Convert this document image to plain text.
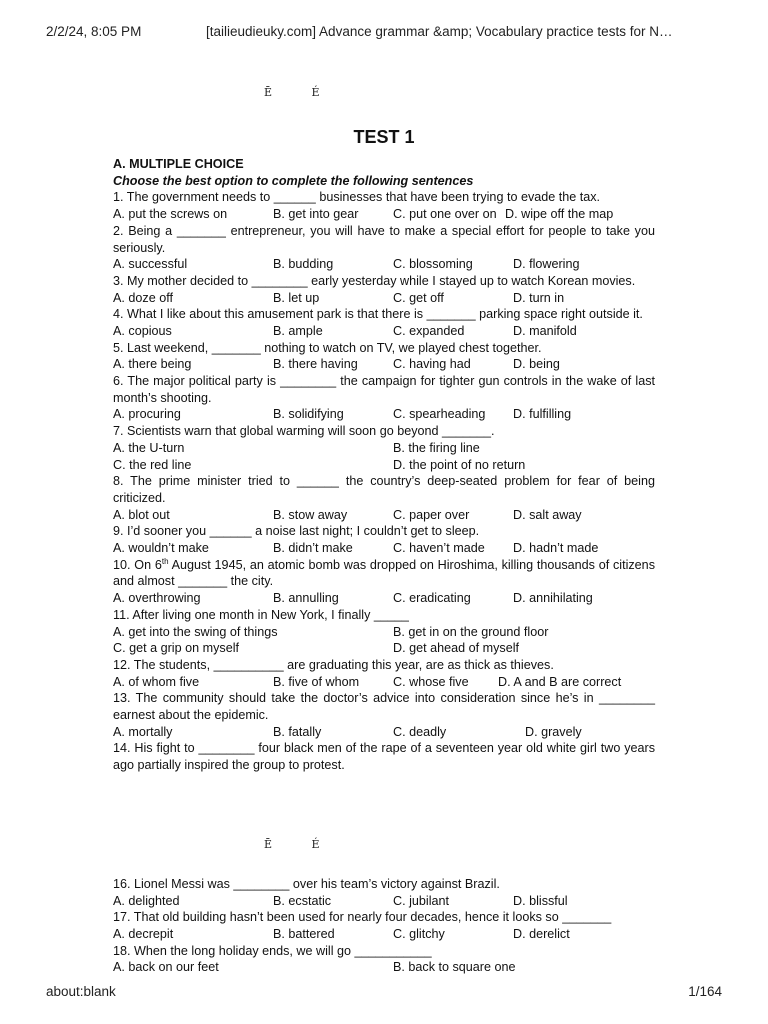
2/2/24, 8:05 PM	[tailieudieuky.com] Advance grammar &amp; Vocabulary practice tests for N…
Ē É
TEST 1
A. MULTIPLE CHOICE
Choose the best option to complete the following sentences
1. The government needs to ______ businesses that have been trying to evade the tax.
A. put the screws on	B. get into gear	C. put one over on D. wipe off the map
2. Being a _______ entrepreneur, you will have to make a special effort for people to take you seriously.
A. successful	B. budding	C. blossoming	D. flowering
3. My mother decided to ________ early yesterday while I stayed up to watch Korean movies.
A. doze off	B. let up	C. get off	D. turn in
4. What I like about this amusement park is that there is _______ parking space right outside it.
A. copious	B. ample	C. expanded	D. manifold
5. Last weekend, _______ nothing to watch on TV, we played chest together.
A. there being	B. there having	C. having had	D. being
6. The major political party is ________ the campaign for tighter gun controls in the wake of last month’s shooting.
A. procuring	B. solidifying	C. spearheading D. fulfilling
7. Scientists warn that global warming will soon go beyond _______.
A. the U-turn	B. the firing line
C. the red line	D. the point of no return
8. The prime minister tried to ______ the country’s deep-seated problem for fear of being criticized.
A. blot out	B. stow away	C. paper over	D. salt away
9. I’d sooner you ______ a noise last night; I couldn’t get to sleep.
A. wouldn’t make	B. didn’t make	C. haven’t made D. hadn’t made
10. On 6th August 1945, an atomic bomb was dropped on Hiroshima, killing thousands of citizens and almost _______ the city.
A. overthrowing	B. annulling	C. eradicating	D. annihilating
11. After living one month in New York, I finally _____
A. get into the swing of things	B. get in on the ground floor
C. get a grip on myself	D. get ahead of myself
12. The students, __________ are graduating this year, are as thick as thieves.
A. of whom five	B. five of whom	C. whose five D. A and B are correct
13. The community should take the doctor’s advice into consideration since he’s in ________ earnest about the epidemic.
A. mortally	B. fatally	C. deadly	D. gravely
14. His fight to ________ four black men of the rape of a seventeen year old white girl two years ago partially inspired the group to protest.
Ē É
16. Lionel Messi was ________ over his team’s victory against Brazil.
A. delighted	B. ecstatic	C. jubilant	D. blissful
17. That old building hasn’t been used for nearly four decades, hence it looks so _______
A. decrepit	B. battered	C. glitchy	D. derelict
18. When the long holiday ends, we will go ___________
A. back on our feet	B. back to square one
about:blank	1/164
